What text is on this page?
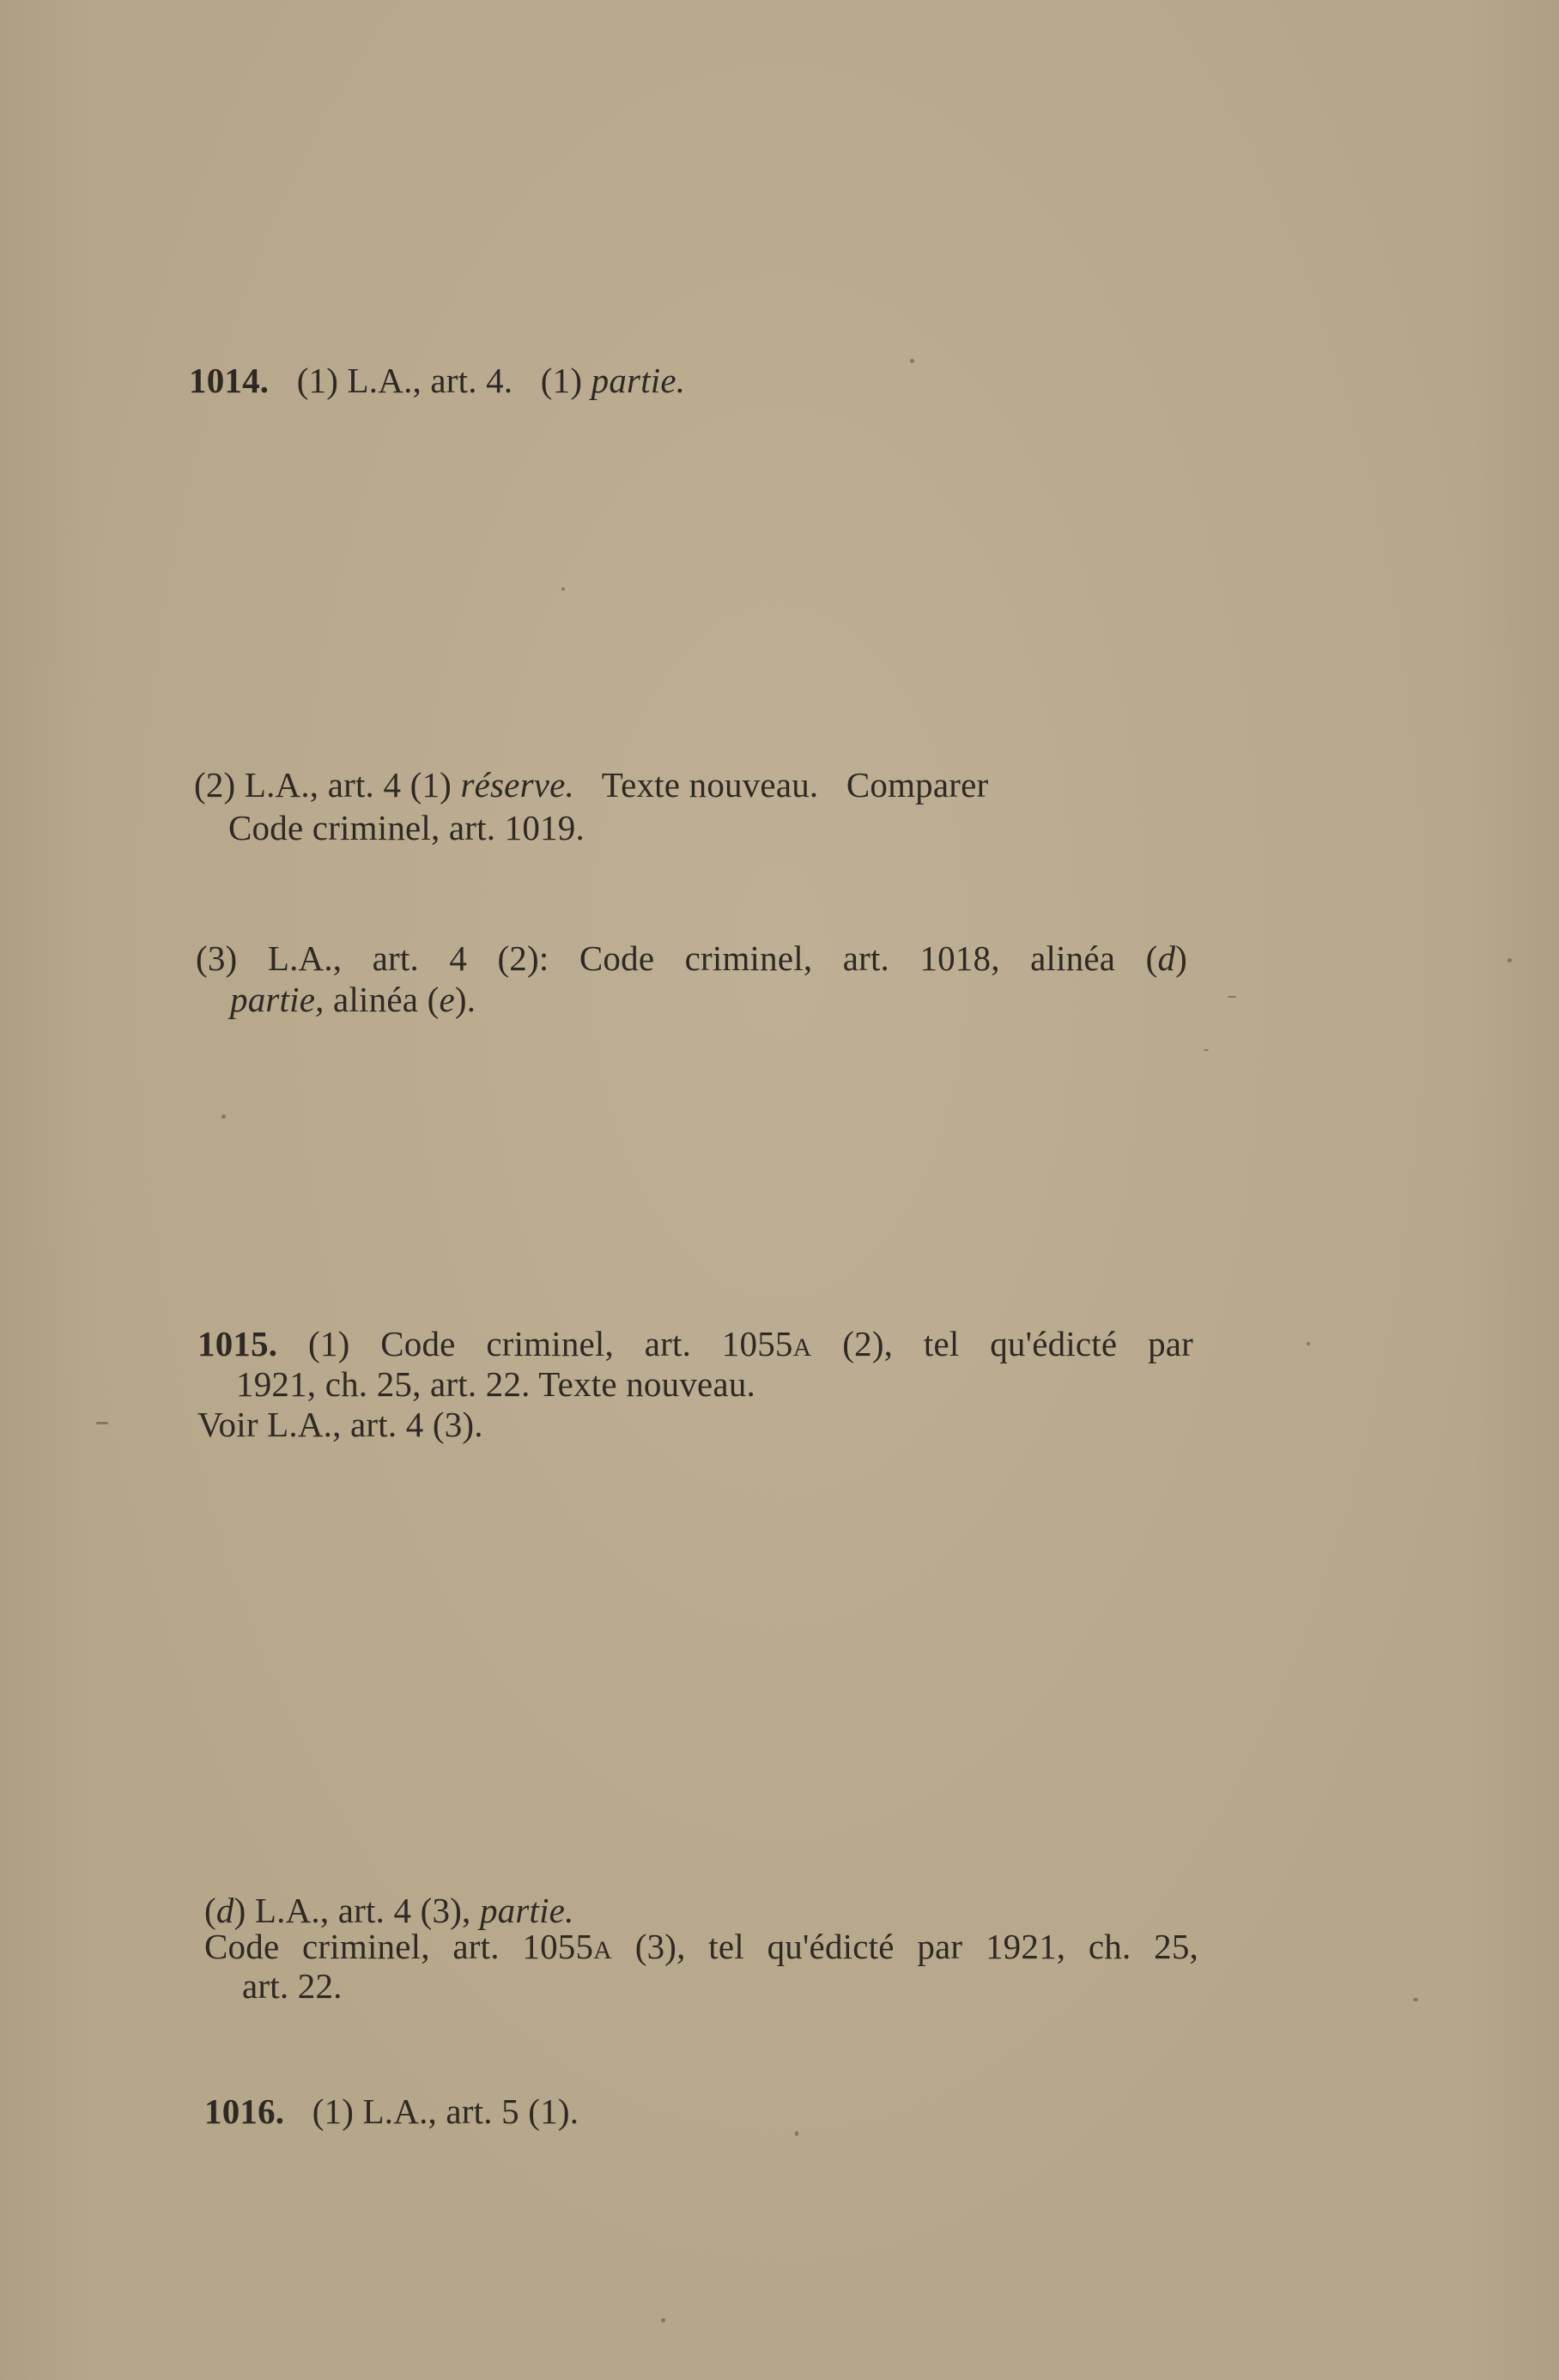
1014. (1) L.A., art. 4. (1) partie.
(2) L.A., art. 4 (1) réserve. Texte nouveau. Comparer
Code criminel, art. 1019.
(3) L.A., art. 4 (2): Code criminel, art. 1018, alinéa (d)
partie, alinéa (e).
1015. (1) Code criminel, art. 1055A (2), tel qu'édicté par
1921, ch. 25, art. 22. Texte nouveau.
Voir L.A., art. 4 (3).
(d) L.A., art. 4 (3), partie.
Code criminel, art. 1055A (3), tel qu'édicté par 1921, ch. 25,
art. 22.
1016. (1) L.A., art. 5 (1).
